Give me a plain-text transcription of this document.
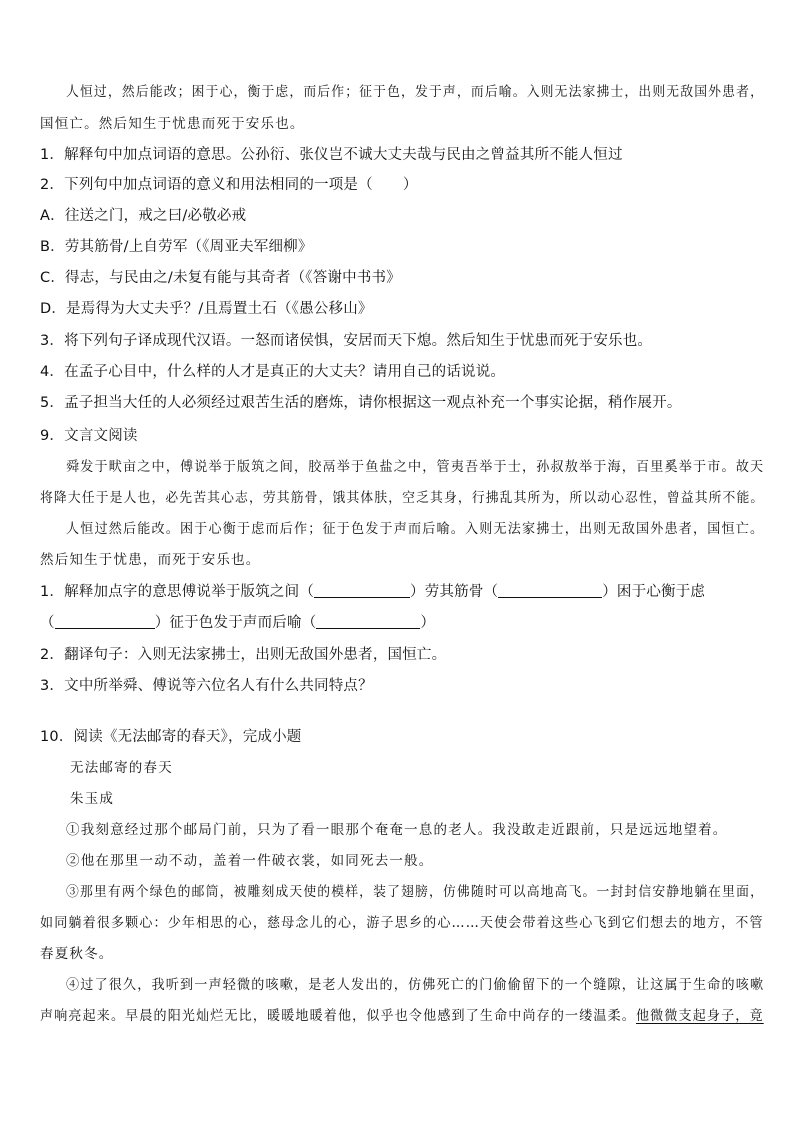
人恒过，然后能改；困于心，衡于虑，而后作；征于色，发于声，而后喻。入则无法家拂士，出则无敌国外患者，
国恒亡。然后知生于忧患而死于安乐也。
1．解释句中加点词语的意思。公孙衍、张仪岂不诚大丈夫哉与民由之曾益其所不能人恒过
2．下列句中加点词语的意义和用法相同的一项是（ ）
A．往送之门，戒之曰/必敬必戒
B．劳其筋骨/上自劳军（《周亚夫军细柳》
C．得志，与民由之/未复有能与其奇者（《答谢中书书》
D．是焉得为大丈夫乎？/且焉置土石（《愚公移山》
3．将下列句子译成现代汉语。一怒而诸侯惧，安居而天下熄。然后知生于忧患而死于安乐也。
4．在孟子心目中，什么样的人才是真正的大丈夫？请用自己的话说说。
5．孟子担当大任的人必须经过艰苦生活的磨炼，请你根据这一观点补充一个事实论据，稍作展开。
9．文言文阅读
舜发于畎亩之中，傅说举于版筑之间，胶鬲举于鱼盐之中，管夷吾举于士，孙叔敖举于海，百里奚举于市。故天
将降大任于是人也，必先苦其心志，劳其筋骨，饿其体肤，空乏其身，行拂乱其所为，所以动心忍性，曾益其所不能。
人恒过然后能改。困于心衡于虑而后作；征于色发于声而后喻。入则无法家拂士，出则无敌国外患者，国恒亡。
然后知生于忧患，而死于安乐也。
1．解释加点字的意思傅说举于版筑之间（	）劳其筋骨（	）困于心衡于虑
（	）征于色发于声而后喻（	）
2．翻译句子：入则无法家拂士，出则无敌国外患者，国恒亡。
3．文中所举舜、傅说等六位名人有什么共同特点？
10．阅读《无法邮寄的春天》，完成小题
无法邮寄的春天
朱玉成
①我刻意经过那个邮局门前，只为了看一眼那个奄奄一息的老人。我没敢走近跟前，只是远远地望着。
②他在那里一动不动，盖着一件破衣裳，如同死去一般。
③那里有两个绿色的邮筒，被雕刻成天使的模样，装了翅膀，仿佛随时可以高地高飞。一封封信安静地躺在里面，
如同躺着很多颗心：少年相思的心，慈母念儿的心，游子思乡的心……天使会带着这些心飞到它们想去的地方，不管
春夏秋冬。
④过了很久，我听到一声轻微的咳嗽，是老人发出的，仿佛死亡的门偷偷留下的一个缝隙，让这属于生命的咳嗽
声响亮起来。早晨的阳光灿烂无比，暖暖地暖着他，似乎也令他感到了生命中尚存的一缕温柔。他微微支起身子，竟
